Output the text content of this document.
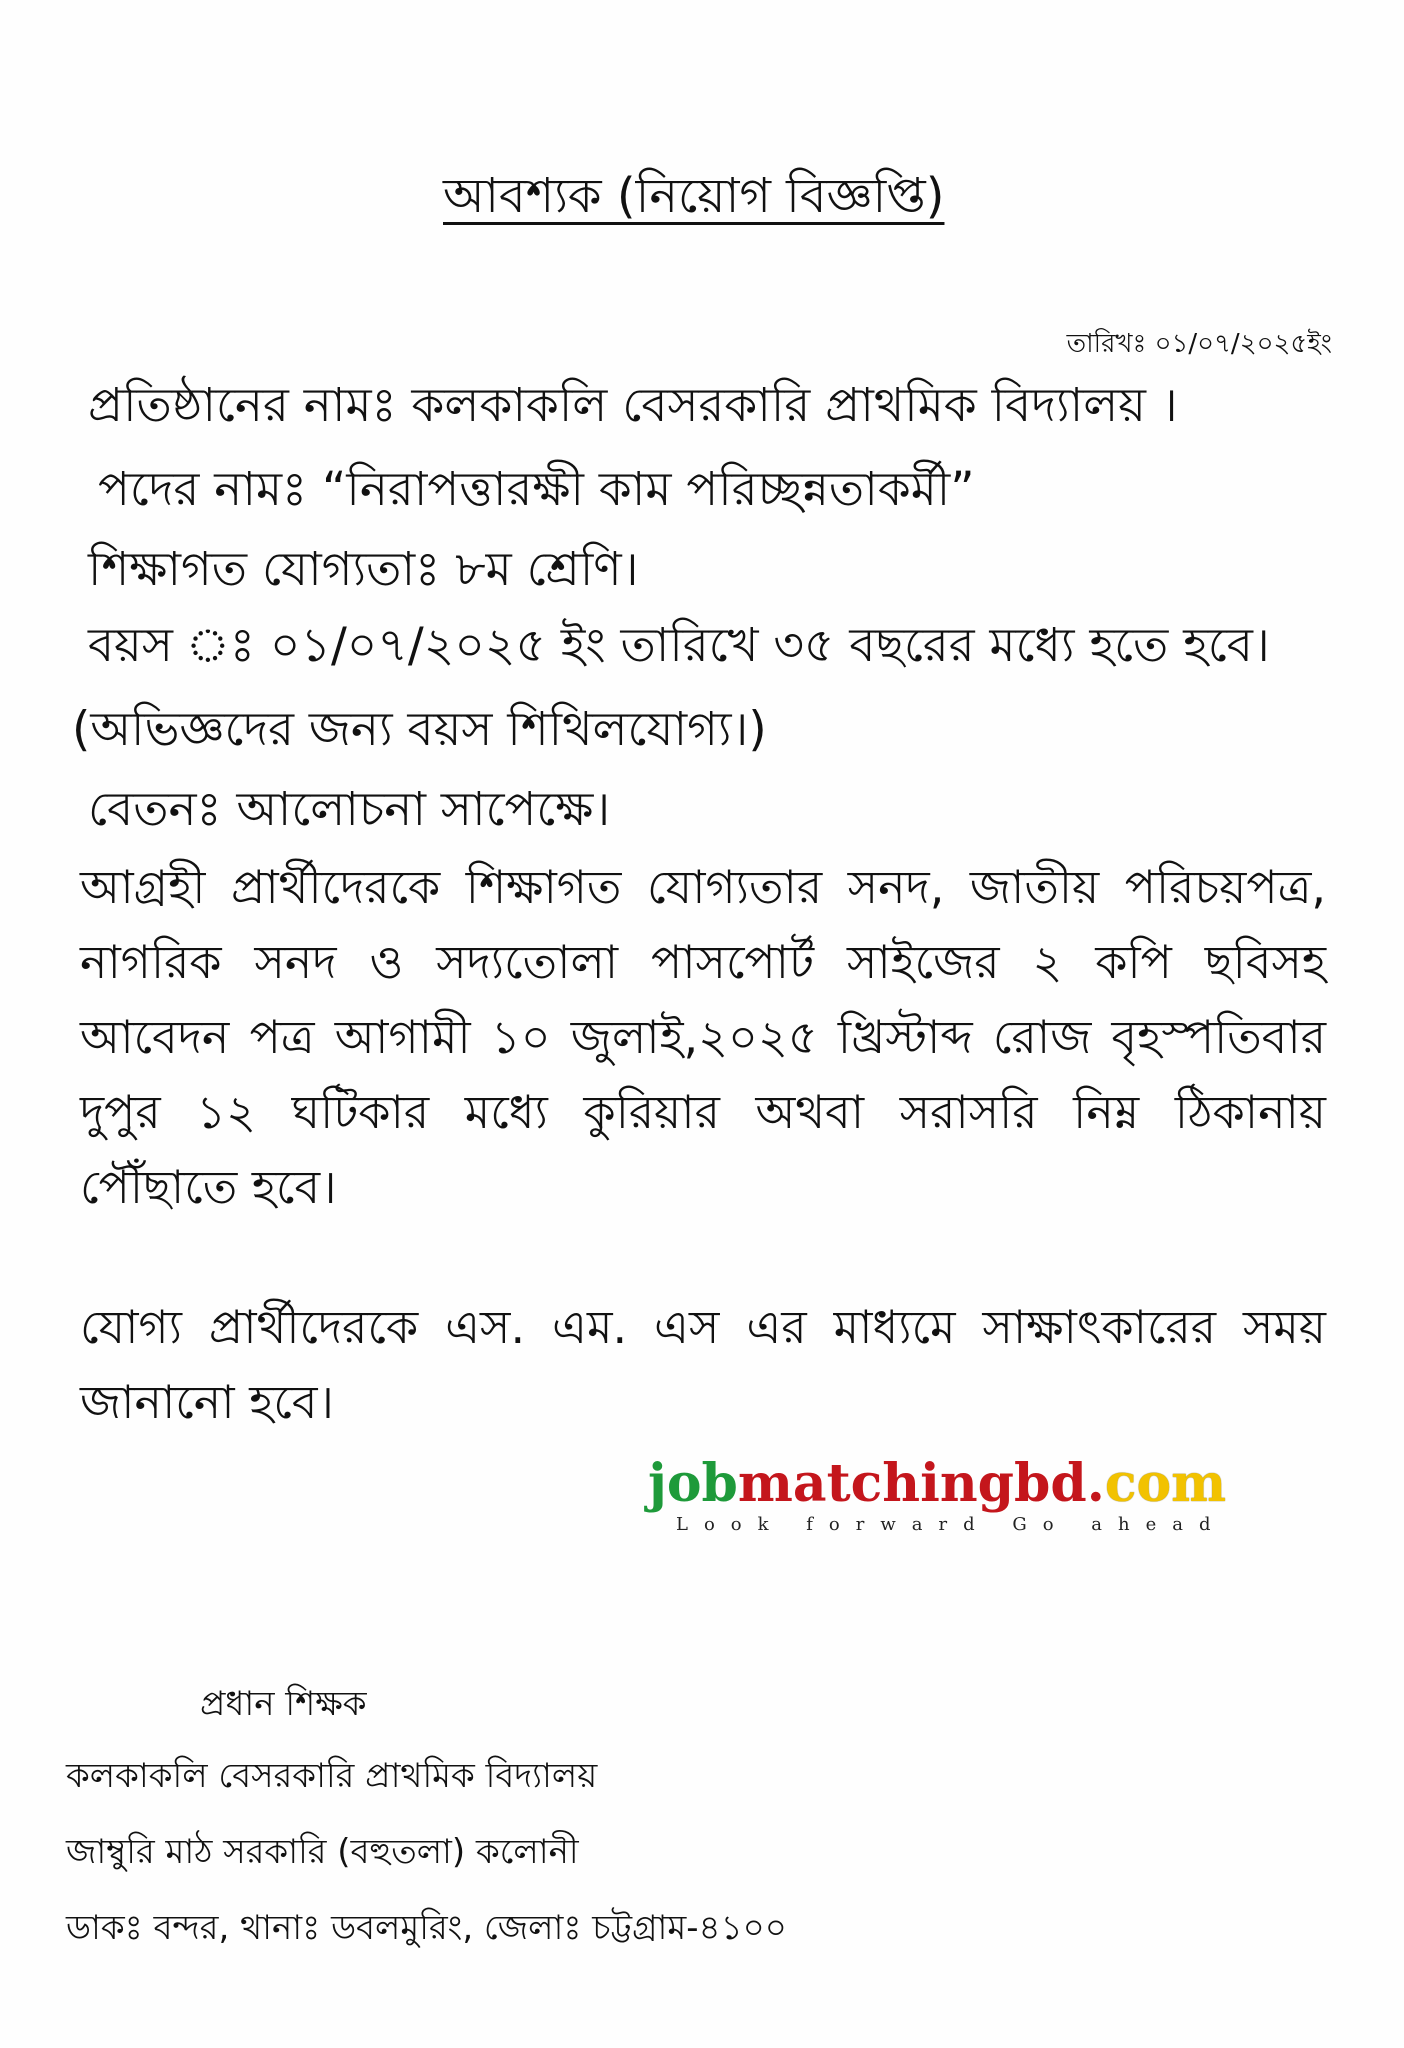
আবশ্যক (নিয়োগ বিজ্ঞপ্তি)
তারিখঃ ০১/০৭/২০২৫ইং
প্রতিষ্ঠানের নামঃ কলকাকলি বেসরকারি প্রাথমিক বিদ্যালয় ।
পদের নামঃ “নিরাপত্তারক্ষী কাম পরিচ্ছন্নতাকর্মী”
শিক্ষাগত যোগ্যতাঃ ৮ম শ্রেণি।
বয়স ঃ ০১/০৭/২০২৫ ইং তারিখে ৩৫ বছরের মধ্যে হতে হবে।
(অভিজ্ঞদের জন্য বয়স শিথিলযোগ্য।)
বেতনঃ আলোচনা সাপেক্ষে।
আগ্রহী প্রার্থীদেরকে শিক্ষাগত যোগ্যতার সনদ, জাতীয় পরিচয়পত্র, নাগরিক সনদ ও সদ্যতোলা পাসপোর্ট সাইজের ২ কপি ছবিসহ আবেদন পত্র আগামী ১০ জুলাই,২০২৫ খ্রিস্টাব্দ রোজ বৃহস্পতিবার দুপুর ১২ ঘটিকার মধ্যে কুরিয়ার অথবা সরাসরি নিম্ন ঠিকানায় পৌঁছাতে হবে।
যোগ্য প্রার্থীদেরকে এস. এম. এস এর মাধ্যমে সাক্ষাৎকারের সময় জানানো হবে।
jobmatchingbd.com
Look forward Go ahead
প্রধান শিক্ষক
কলকাকলি বেসরকারি প্রাথমিক বিদ্যালয়
জাম্বুরি মাঠ সরকারি (বহুতলা) কলোনী
ডাকঃ বন্দর, থানাঃ ডবলমুরিং, জেলাঃ চট্টগ্রাম-৪১০০
